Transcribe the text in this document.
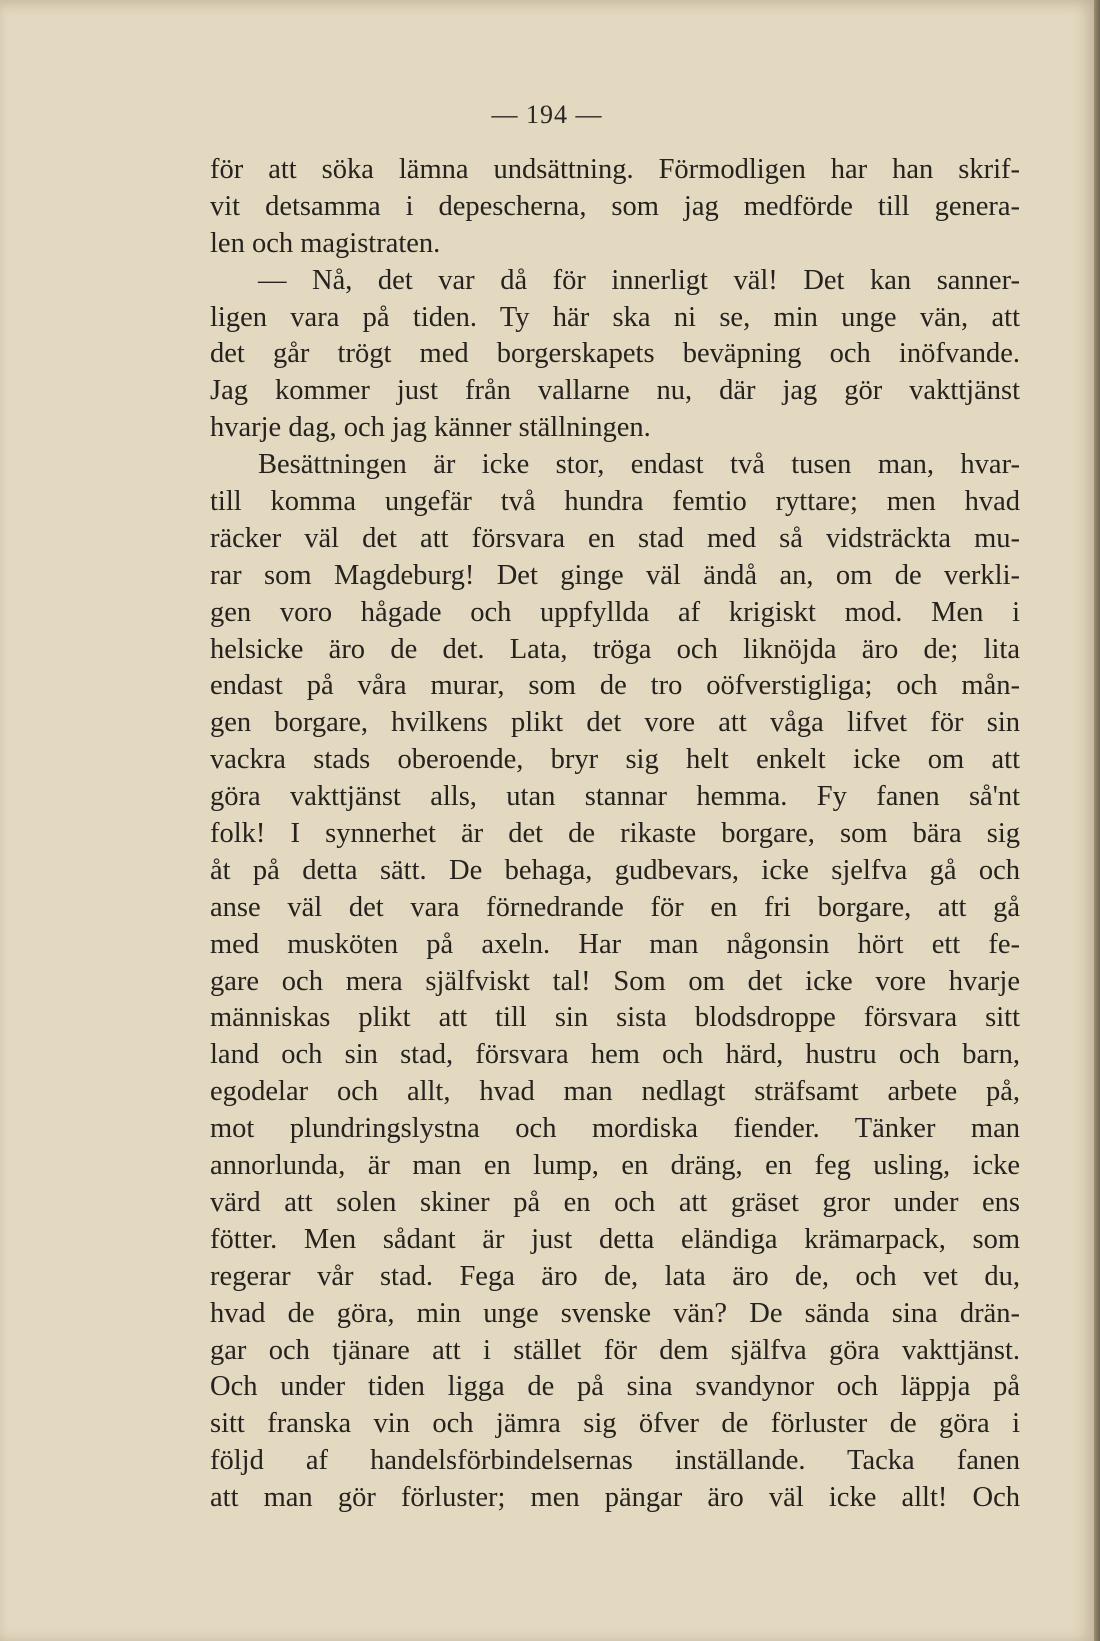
— 194 —
för att söka lämna undsättning. Förmodligen har han skrif-
vit detsamma i depescherna, som jag medförde till genera-
len och magistraten.
— Nå, det var då för innerligt väl! Det kan sanner-
ligen vara på tiden. Ty här ska ni se, min unge vän, att
det går trögt med borgerskapets beväpning och inöfvande.
Jag kommer just från vallarne nu, där jag gör vakttjänst
hvarje dag, och jag känner ställningen.
Besättningen är icke stor, endast två tusen man, hvar-
till komma ungefär två hundra femtio ryttare; men hvad
räcker väl det att försvara en stad med så vidsträckta mu-
rar som Magdeburg! Det ginge väl ändå an, om de verkli-
gen voro hågade och uppfyllda af krigiskt mod. Men i
helsicke äro de det. Lata, tröga och liknöjda äro de; lita
endast på våra murar, som de tro oöfverstigliga; och mån-
gen borgare, hvilkens plikt det vore att våga lifvet för sin
vackra stads oberoende, bryr sig helt enkelt icke om att
göra vakttjänst alls, utan stannar hemma. Fy fanen så'nt
folk! I synnerhet är det de rikaste borgare, som bära sig
åt på detta sätt. De behaga, gudbevars, icke sjelfva gå och
anse väl det vara förnedrande för en fri borgare, att gå
med musköten på axeln. Har man någonsin hört ett fe-
gare och mera själfviskt tal! Som om det icke vore hvarje
människas plikt att till sin sista blodsdroppe försvara sitt
land och sin stad, försvara hem och härd, hustru och barn,
egodelar och allt, hvad man nedlagt sträfsamt arbete på,
mot plundringslystna och mordiska fiender. Tänker man
annorlunda, är man en lump, en dräng, en feg usling, icke
värd att solen skiner på en och att gräset gror under ens
fötter. Men sådant är just detta eländiga krämarpack, som
regerar vår stad. Fega äro de, lata äro de, och vet du,
hvad de göra, min unge svenske vän? De sända sina drän-
gar och tjänare att i stället för dem själfva göra vakttjänst.
Och under tiden ligga de på sina svandynor och läppja på
sitt franska vin och jämra sig öfver de förluster de göra i
följd af handelsförbindelsernas inställande. Tacka fanen
att man gör förluster; men pängar äro väl icke allt! Och
